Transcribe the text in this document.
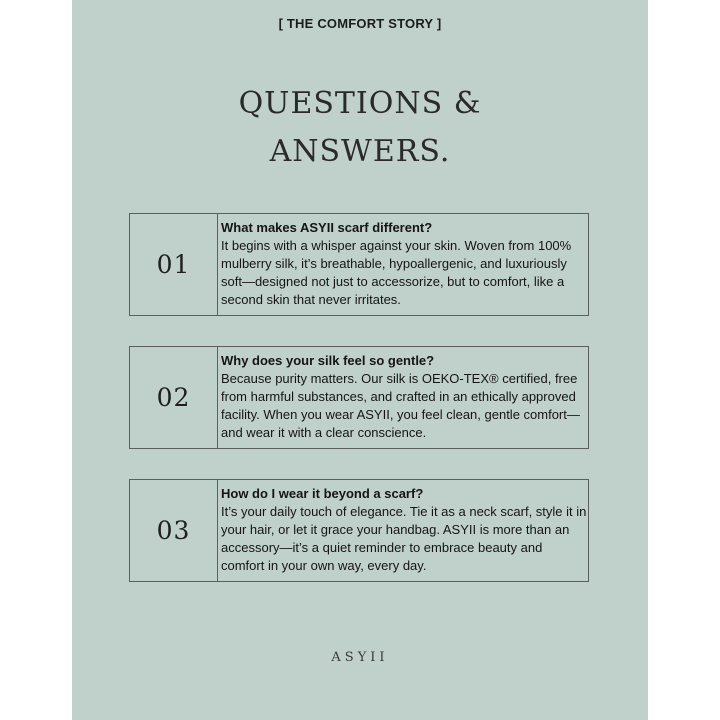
[ THE COMFORT STORY ]
QUESTIONS &
ANSWERS.
01
What makes ASYII scarf different?
It begins with a whisper against your skin. Woven from 100% mulberry silk, it’s breathable, hypoallergenic, and luxuriously soft—designed not just to accessorize, but to comfort, like a second skin that never irritates.
02
Why does your silk feel so gentle?
Because purity matters. Our silk is OEKO-TEX® certified, free from harmful substances, and crafted in an ethically approved facility. When you wear ASYII, you feel clean, gentle comfort—and wear it with a clear conscience.
03
How do I wear it beyond a scarf?
It’s your daily touch of elegance. Tie it as a neck scarf, style it in your hair, or let it grace your handbag. ASYII is more than an accessory—it’s a quiet reminder to embrace beauty and comfort in your own way, every day.
ASYII
